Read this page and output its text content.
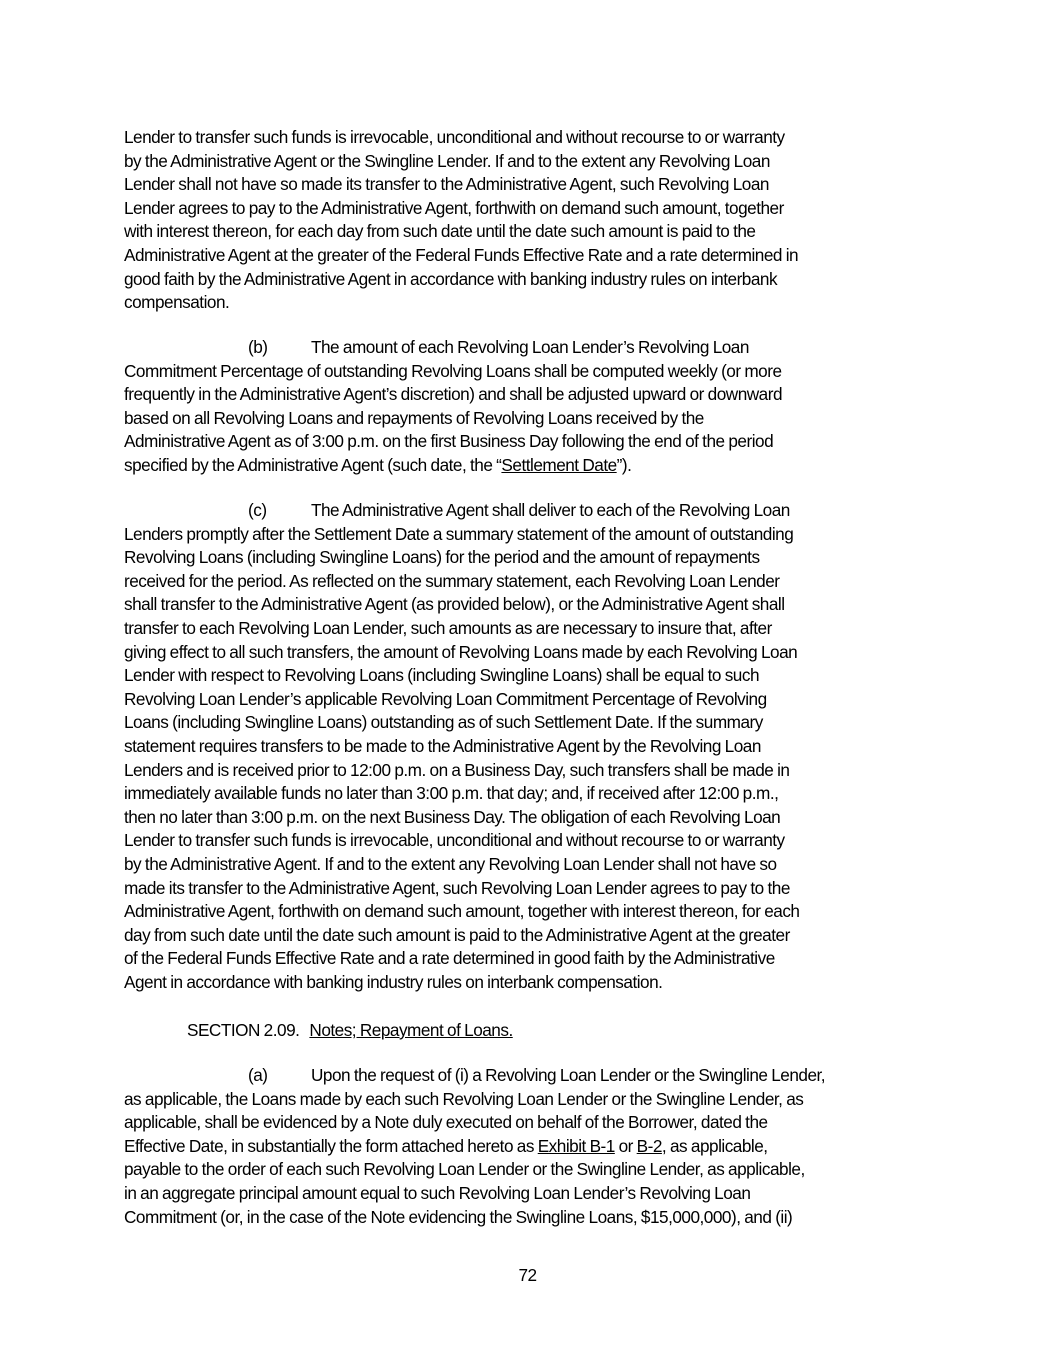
Lender to transfer such funds is irrevocable, unconditional and without recourse to or warranty
by the Administrative Agent or the Swingline Lender. If and to the extent any Revolving Loan
Lender shall not have so made its transfer to the Administrative Agent, such Revolving Loan
Lender agrees to pay to the Administrative Agent, forthwith on demand such amount, together
with interest thereon, for each day from such date until the date such amount is paid to the
Administrative Agent at the greater of the Federal Funds Effective Rate and a rate determined in
good faith by the Administrative Agent in accordance with banking industry rules on interbank
compensation.
(b)	The amount of each Revolving Loan Lender’s Revolving Loan
Commitment Percentage of outstanding Revolving Loans shall be computed weekly (or more
frequently in the Administrative Agent’s discretion) and shall be adjusted upward or downward
based on all Revolving Loans and repayments of Revolving Loans received by the
Administrative Agent as of 3:00 p.m. on the first Business Day following the end of the period
specified by the Administrative Agent (such date, the “Settlement Date”).
(c)	The Administrative Agent shall deliver to each of the Revolving Loan
Lenders promptly after the Settlement Date a summary statement of the amount of outstanding
Revolving Loans (including Swingline Loans) for the period and the amount of repayments
received for the period. As reflected on the summary statement, each Revolving Loan Lender
shall transfer to the Administrative Agent (as provided below), or the Administrative Agent shall
transfer to each Revolving Loan Lender, such amounts as are necessary to insure that, after
giving effect to all such transfers, the amount of Revolving Loans made by each Revolving Loan
Lender with respect to Revolving Loans (including Swingline Loans) shall be equal to such
Revolving Loan Lender’s applicable Revolving Loan Commitment Percentage of Revolving
Loans (including Swingline Loans) outstanding as of such Settlement Date. If the summary
statement requires transfers to be made to the Administrative Agent by the Revolving Loan
Lenders and is received prior to 12:00 p.m. on a Business Day, such transfers shall be made in
immediately available funds no later than 3:00 p.m. that day; and, if received after 12:00 p.m.,
then no later than 3:00 p.m. on the next Business Day. The obligation of each Revolving Loan
Lender to transfer such funds is irrevocable, unconditional and without recourse to or warranty
by the Administrative Agent. If and to the extent any Revolving Loan Lender shall not have so
made its transfer to the Administrative Agent, such Revolving Loan Lender agrees to pay to the
Administrative Agent, forthwith on demand such amount, together with interest thereon, for each
day from such date until the date such amount is paid to the Administrative Agent at the greater
of the Federal Funds Effective Rate and a rate determined in good faith by the Administrative
Agent in accordance with banking industry rules on interbank compensation.
SECTION 2.09. Notes; Repayment of Loans.
(a)	Upon the request of (i) a Revolving Loan Lender or the Swingline Lender,
as applicable, the Loans made by each such Revolving Loan Lender or the Swingline Lender, as
applicable, shall be evidenced by a Note duly executed on behalf of the Borrower, dated the
Effective Date, in substantially the form attached hereto as Exhibit B-1 or B-2, as applicable,
payable to the order of each such Revolving Loan Lender or the Swingline Lender, as applicable,
in an aggregate principal amount equal to such Revolving Loan Lender’s Revolving Loan
Commitment (or, in the case of the Note evidencing the Swingline Loans, $15,000,000), and (ii)
72
